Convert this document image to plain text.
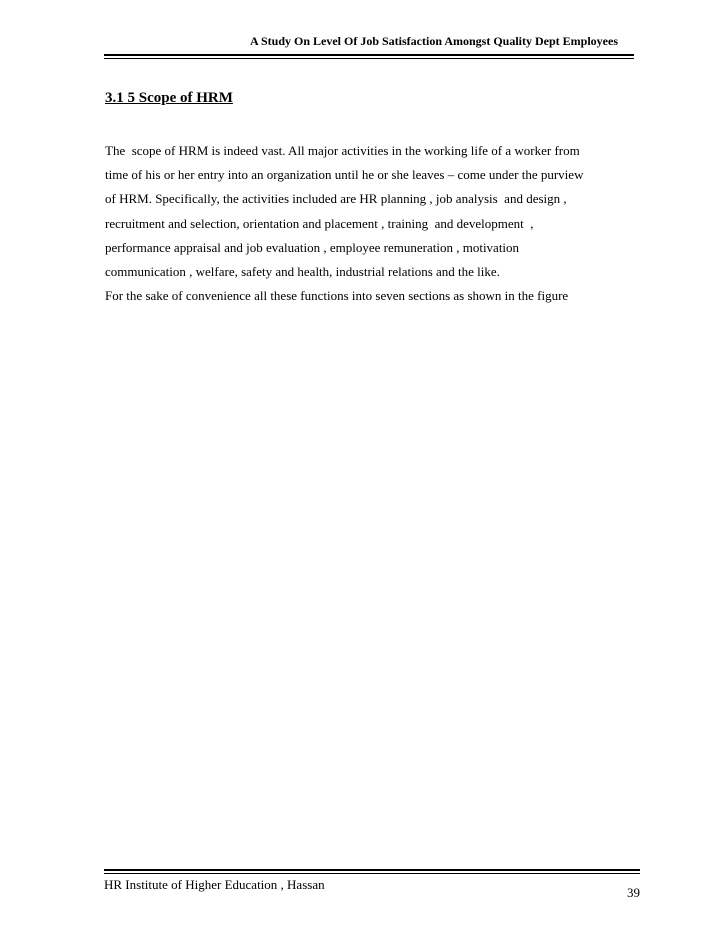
A Study On Level Of Job Satisfaction Amongst Quality Dept Employees
3.1 5 Scope of HRM
The  scope of HRM is indeed vast. All major activities in the working life of a worker from
time of his or her entry into an organization until he or she leaves – come under the purview
of HRM. Specifically, the activities included are HR planning , job analysis  and design ,
recruitment and selection, orientation and placement , training  and development  ,
performance appraisal and job evaluation , employee remuneration , motivation
communication , welfare, safety and health, industrial relations and the like.
For the sake of convenience all these functions into seven sections as shown in the figure
HR Institute of Higher Education , Hassan
39
